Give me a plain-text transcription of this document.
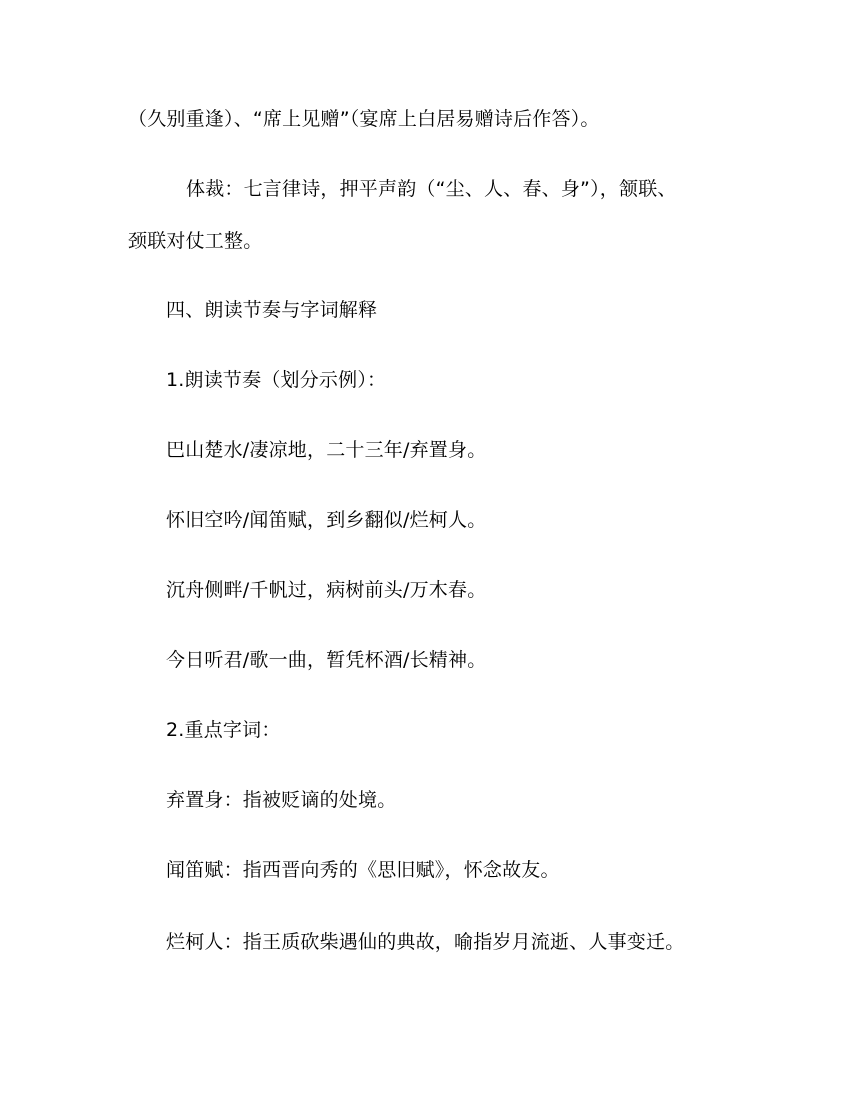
（久别重逢）、“席上见赠”（宴席上白居易赠诗后作答）。
体裁：七言律诗，押平声韵（“尘、人、春、身”），颔联、
颈联对仗工整。
四、朗读节奏与字词解释
1.朗读节奏（划分示例）：
巴山楚水/凄凉地，二十三年/弃置身。
怀旧空吟/闻笛赋，到乡翻似/烂柯人。
沉舟侧畔/千帆过，病树前头/万木春。
今日听君/歌一曲，暂凭杯酒/长精神。
2.重点字词：
弃置身：指被贬谪的处境。
闻笛赋：指西晋向秀的《思旧赋》，怀念故友。
烂柯人：指王质砍柴遇仙的典故，喻指岁月流逝、人事变迁。
